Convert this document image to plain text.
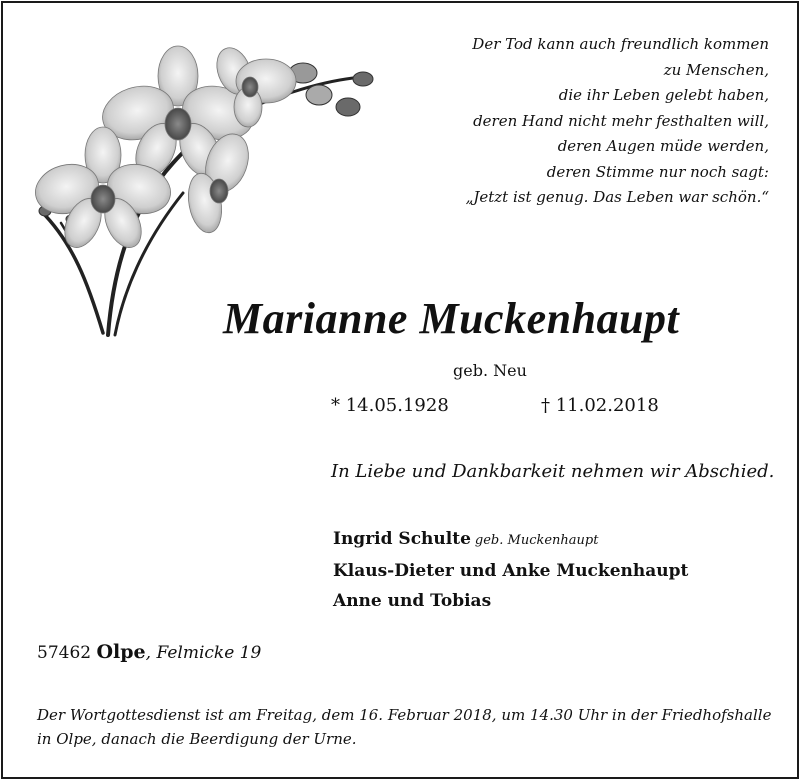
Der Tod kann auch freundlich kommen
zu Menschen,
die ihr Leben gelebt haben,
deren Hand nicht mehr festhalten will,
deren Augen müde werden,
deren Stimme nur noch sagt:
„Jetzt ist genug. Das Leben war schön.“
Marianne Muckenhaupt
geb. Neu
* 14.05.1928	† 11.02.2018
In Liebe und Dankbarkeit nehmen wir Abschied.
Ingrid Schulte geb. Muckenhaupt
Klaus-Dieter und Anke Muckenhaupt
Anne und Tobias
57462 Olpe, Felmicke 19
Der Wortgottesdienst ist am Freitag, dem 16. Februar 2018, um 14.30 Uhr in der Friedhofshalle in Olpe, danach die Beerdigung der Urne.
